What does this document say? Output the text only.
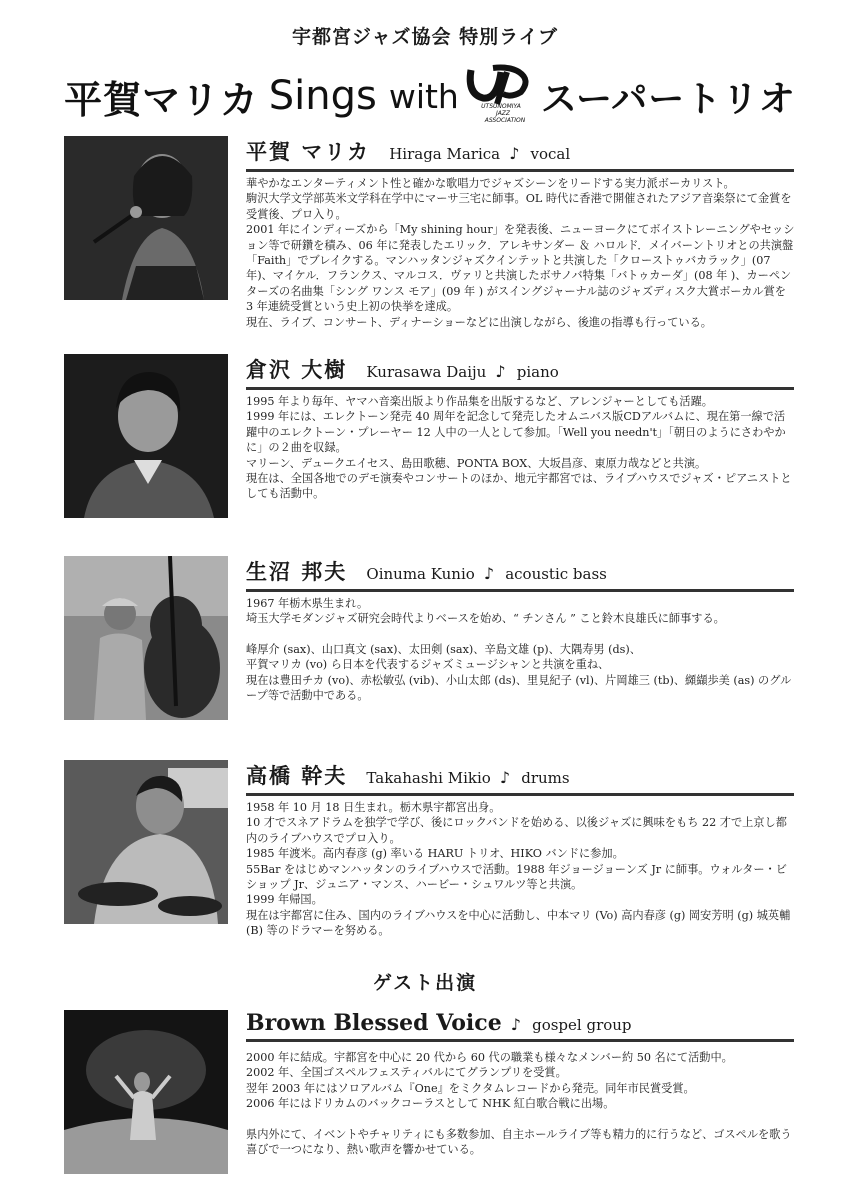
宇都宮ジャズ協会 特別ライブ
平賀マリカ Sings with	UTSUNOMIYA
JAZZ
ASSOCIATION
スーパートリオ
平賀 マリカ Hiraga Marica ♪ vocal

華やかなエンターティメント性と確かな歌唱力でジャズシーンをリードする実力派ボーカリスト。

駒沢大学文学部英米文学科在学中にマーサ三宅に師事。OL 時代に香港で開催されたアジア音楽祭にて金賞を受賞後、プロ入り。

2001 年にインディーズから「My shining hour」を発表後、ニューヨークにてボイストレーニングやセッション等で研鑽を積み、06 年に発表したエリック．アレキサンダー ＆ ハロルド．メイバーントリオとの共演盤「Faith」でブレイクする。マンハッタンジャズクインテットと共演した「クローストゥバカラック」(07年)、マイケル．フランクス、マルコス．ヴァリと共演したボサノバ特集「バトゥカーダ」(08 年 )、カーペンターズの名曲集「シング ワンス モア」(09 年 ) がスイングジャーナル誌のジャズディスク大賞ボーカル賞を 3 年連続受賞という史上初の快挙を達成。

現在、ライブ、コンサート、ディナーショーなどに出演しながら、後進の指導も行っている。

倉沢 大樹 Kurasawa Daiju ♪ piano

1995 年より毎年、ヤマハ音楽出版より作品集を出版するなど、アレンジャーとしても活躍。

1999 年には、エレクトーン発売 40 周年を記念して発売したオムニバス版CDアルバムに、現在第一線で活躍中のエレクトーン・プレーヤー 12 人中の一人として参加。「Well you needn't」「朝日のようにさわやかに」の２曲を収録。

マリーン、デュークエイセス、島田歌穂、PONTA BOX、大坂昌彦、東原力哉などと共演。

現在は、全国各地でのデモ演奏やコンサートのほか、地元宇都宮では、ライブハウスでジャズ・ピアニストとしても活動中。

生沼 邦夫 Oinuma Kunio ♪ acoustic bass

1967 年栃木県生まれ。

埼玉大学モダンジャズ研究会時代よりベースを始め、“ チンさん ” こと鈴木良雄氏に師事する。

峰厚介 (sax)、山口真文 (sax)、太田剣 (sax)、辛島文雄 (p)、大隅寿男 (ds)、

平賀マリカ (vo) ら日本を代表するジャズミュージシャンと共演を重ね、

現在は豊田チカ (vo)、赤松敏弘 (vib)、小山太郎 (ds)、里見紀子 (vl)、片岡雄三 (tb)、纐纈歩美 (as) のグループ等で活動中である。

高橋 幹夫 Takahashi Mikio ♪ drums

1958 年 10 月 18 日生まれ。栃木県宇都宮出身。

10 才でスネアドラムを独学で学び、後にロックバンドを始める、以後ジャズに興味をもち 22 才で上京し都内のライブハウスでプロ入り。

1985 年渡米。高内春彦 (g) 率いる HARU トリオ、HIKO バンドに参加。

55Bar をはじめマンハッタンのライブハウスで活動。1988 年ジョージョーンズ Jr に師事。ウォルター・ビショップ Jr、ジュニア・マンス、ハービー・シュワルツ等と共演。

1999 年帰国。

現在は宇都宮に住み、国内のライブハウスを中心に活動し、中本マリ (Vo) 高内春彦 (g) 岡安芳明 (g) 城英輔 (B) 等のドラマーを努める。

ゲスト出演
Brown Blessed Voice ♪ gospel group

2000 年に結成。宇都宮を中心に 20 代から 60 代の職業も様々なメンバー約 50 名にて活動中。

2002 年、全国ゴスペルフェスティバルにてグランプリを受賞。

翌年 2003 年にはソロアルバム『One』をミクタムレコードから発売。同年市民賞受賞。

2006 年にはドリカムのバックコーラスとして NHK 紅白歌合戦に出場。

県内外にて、イベントやチャリティにも多数参加、自主ホールライブ等も精力的に行うなど、ゴスペルを歌う喜びで一つになり、熱い歌声を響かせている。
